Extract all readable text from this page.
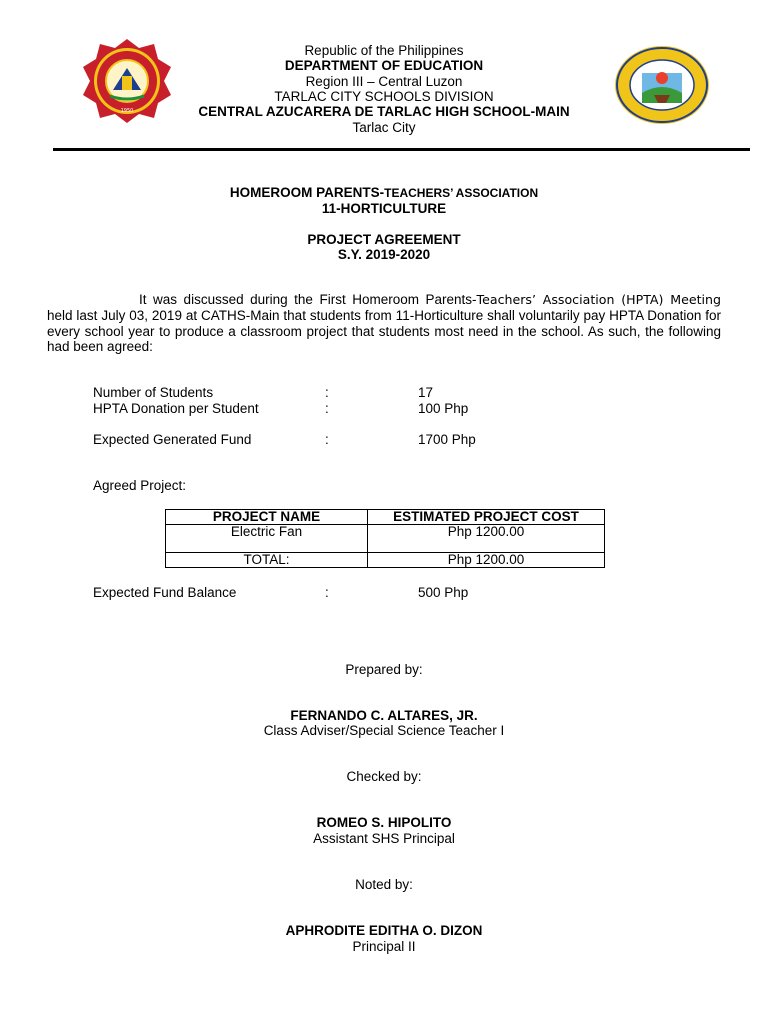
1950
Republic of the Philippines
DEPARTMENT OF EDUCATION
Region III – Central Luzon
TARLAC CITY SCHOOLS DIVISION
CENTRAL AZUCARERA DE TARLAC HIGH SCHOOL-MAIN
Tarlac City
HOMEROOM PARENTS-TEACHERS’ ASSOCIATION
11-HORTICULTURE
PROJECT AGREEMENT
S.Y. 2019-2020
It was discussed during the First Homeroom Parents-Teachers’ Association (HPTA) Meeting held last July 03, 2019 at CATHS-Main that students from 11-Horticulture shall voluntarily pay HPTA Donation for every school year to produce a classroom project that students most need in the school. As such, the following had been agreed:
Number of Students	:	17
HPTA Donation per Student	:	100 Php
Expected Generated Fund	:	1700 Php
Agreed Project:
PROJECT NAME	ESTIMATED PROJECT COST
Electric Fan	Php 1200.00
TOTAL:	Php 1200.00
Expected Fund Balance	:	500 Php
Prepared by:
FERNANDO C. ALTARES, JR.
Class Adviser/Special Science Teacher I
Checked by:
ROMEO S. HIPOLITO
Assistant SHS Principal
Noted by:
APHRODITE EDITHA O. DIZON
Principal II
